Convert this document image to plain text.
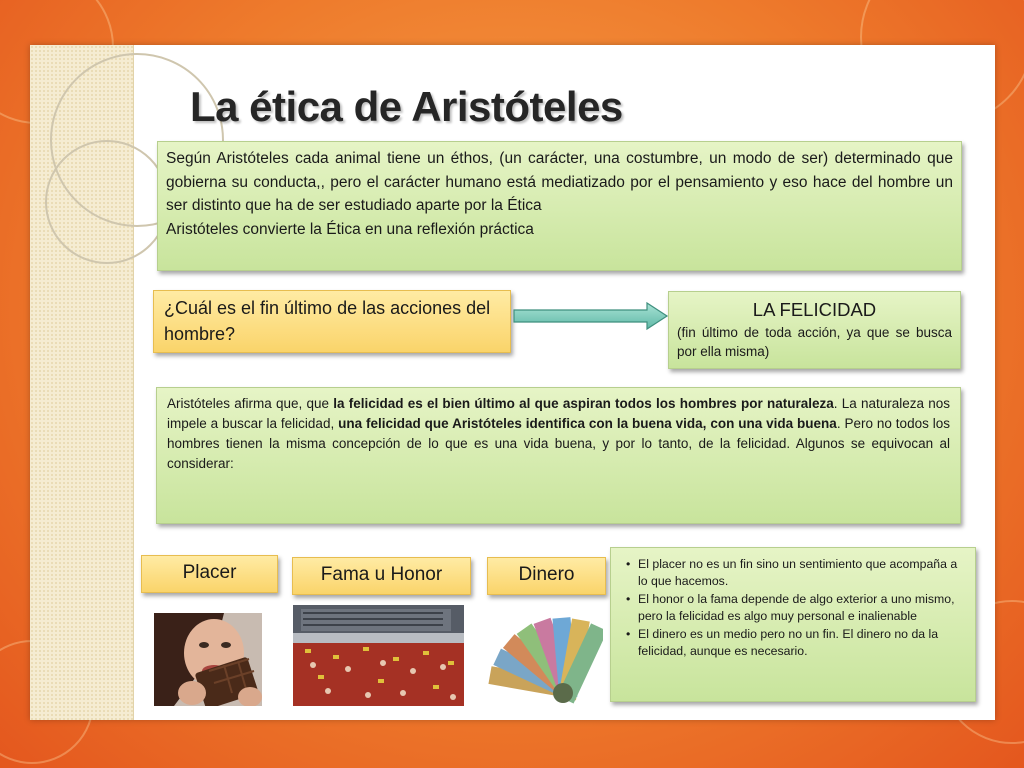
La ética de Aristóteles

Según Aristóteles cada animal tiene un éthos, (un carácter, una costumbre, un modo de ser) determinado que gobierna su conducta,, pero el carácter humano está mediatizado por el pensamiento y eso hace del hombre un ser distinto que ha de ser estudiado aparte por la Ética

Aristóteles convierte la Ética en una reflexión práctica

¿Cuál es el fin último de las acciones del hombre?
LA FELICIDAD
(fin último de toda acción, ya que se busca por ella misma)

Aristóteles afirma que, que la felicidad es el bien último al que aspiran todos los hombres por naturaleza. La naturaleza nos impele a buscar la felicidad, una felicidad que Aristóteles identifica con la buena vida, con una vida buena. Pero no todos los hombres tienen la misma concepción de lo que es una vida buena, y por lo tanto, de la felicidad. Algunos se equivocan al considerar:

Placer	Fama u Honor	Dinero
•	El placer no es un fin sino un sentimiento que acompaña a lo que hacemos.
• El honor o la fama depende de algo exterior a uno mismo, pero la felicidad es algo muy personal e inalienable
• El dinero es un medio pero no un fin. El dinero no da la felicidad, aunque es necesario.
